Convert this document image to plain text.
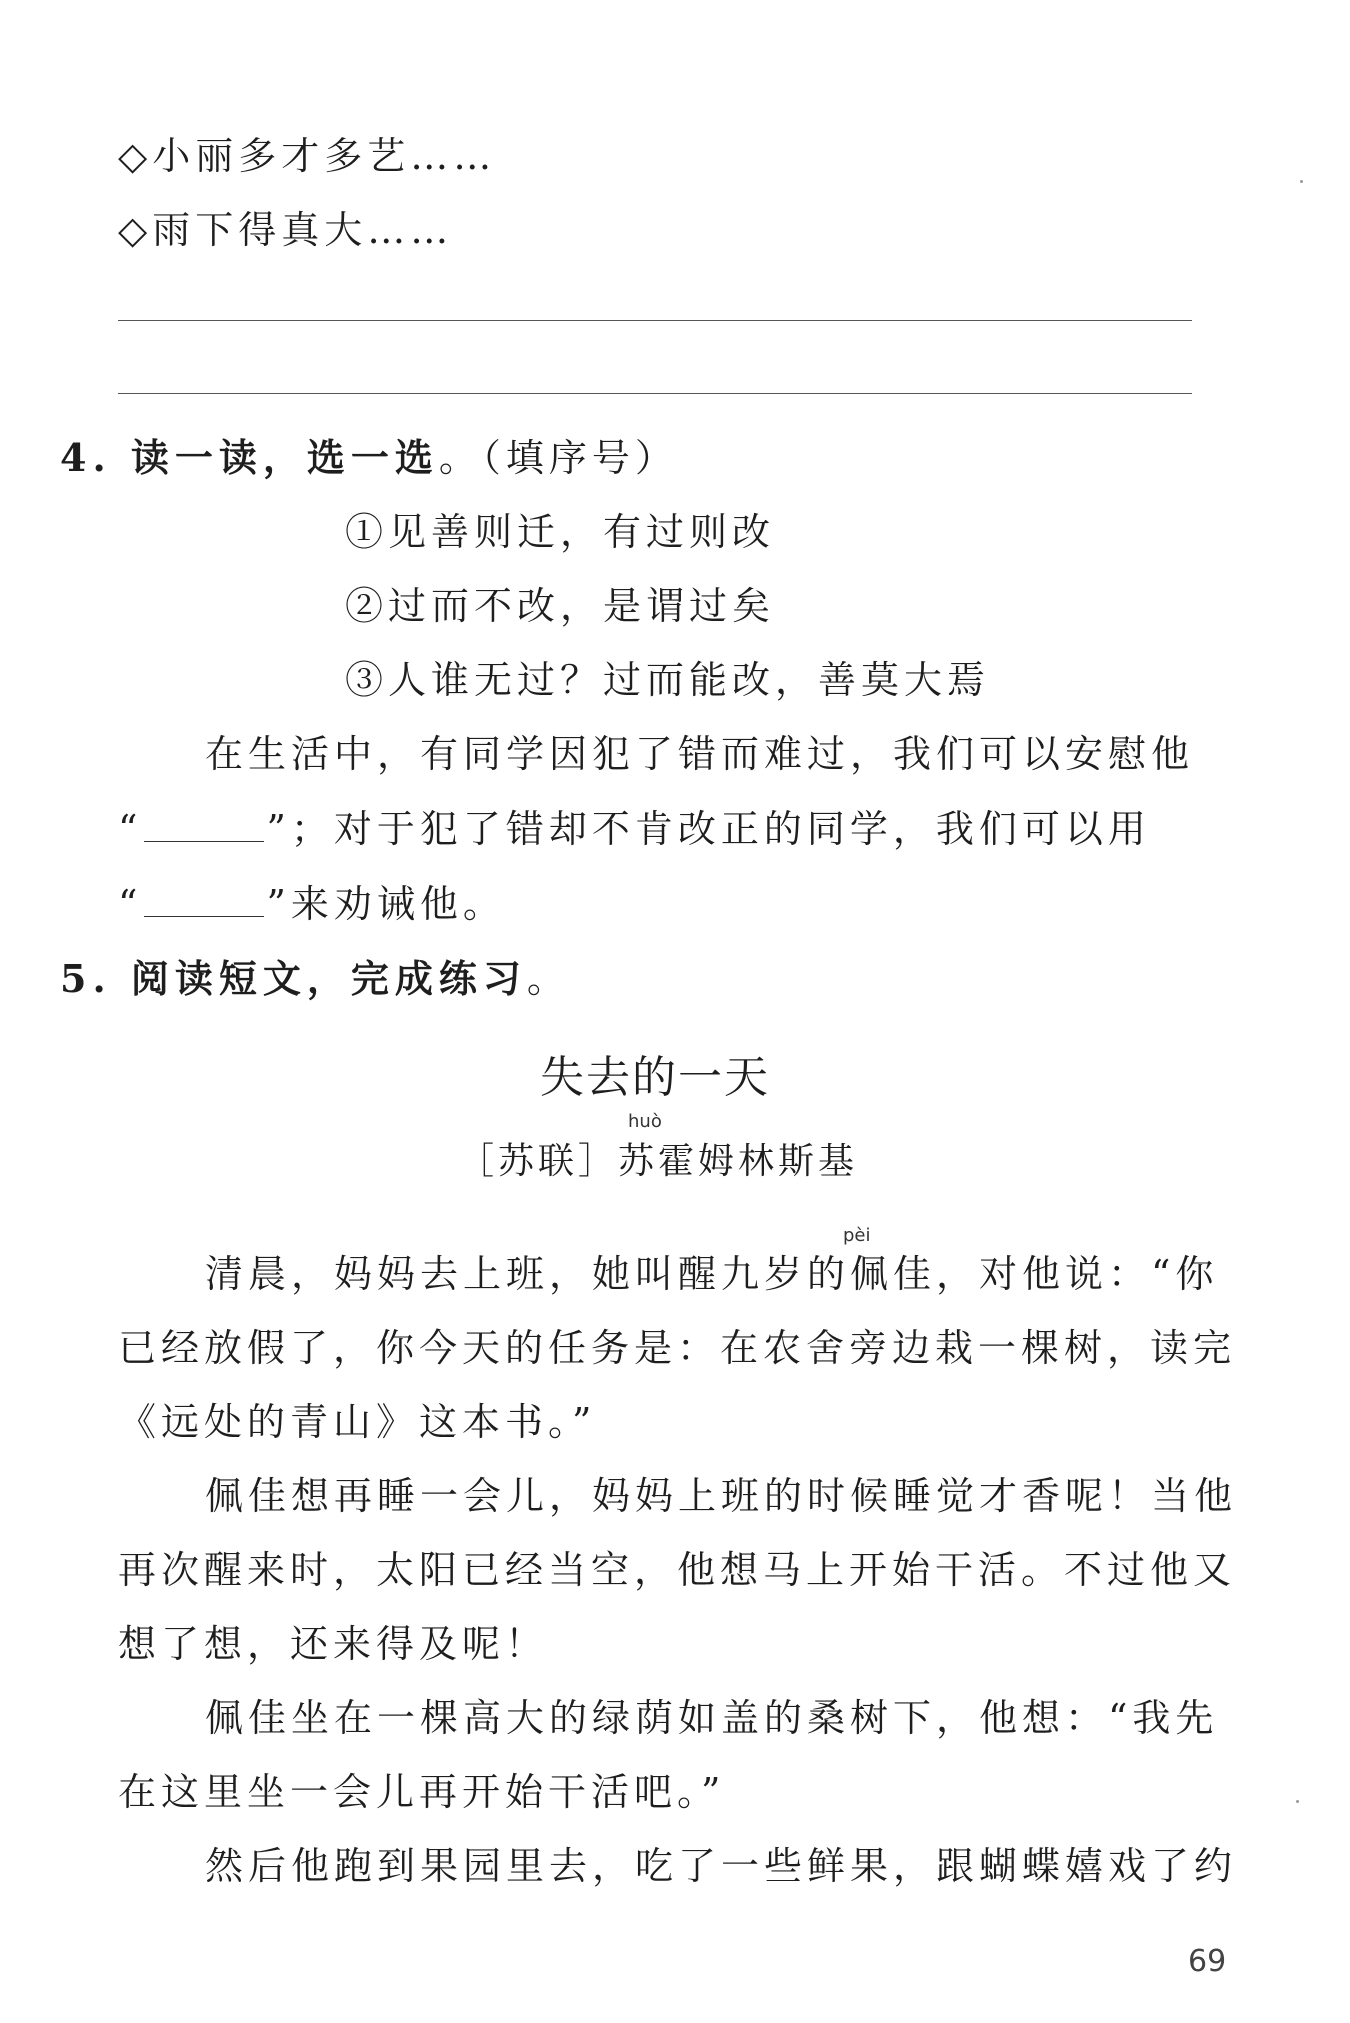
◇小丽多才多艺……
◇雨下得真大……
4. 读一读，选一选。（填序号）
①见善则迁，有过则改
②过而不改，是谓过矣
③人谁无过？过而能改，善莫大焉
在生活中，有同学因犯了错而难过，我们可以安慰他
“	”；对于犯了错却不肯改正的同学，我们可以用
“	”来劝诫他。
5. 阅读短文，完成练习。
失去的一天
huò
［苏联］苏霍姆林斯基
pèi
清晨，妈妈去上班，她叫醒九岁的佩佳，对他说：“你
已经放假了，你今天的任务是：在农舍旁边栽一棵树，读完
《远处的青山》这本书。”
佩佳想再睡一会儿，妈妈上班的时候睡觉才香呢！当他
再次醒来时，太阳已经当空，他想马上开始干活。不过他又
想了想，还来得及呢！
佩佳坐在一棵高大的绿荫如盖的桑树下，他想：“我先
在这里坐一会儿再开始干活吧。”
然后他跑到果园里去，吃了一些鲜果，跟蝴蝶嬉戏了约
69
